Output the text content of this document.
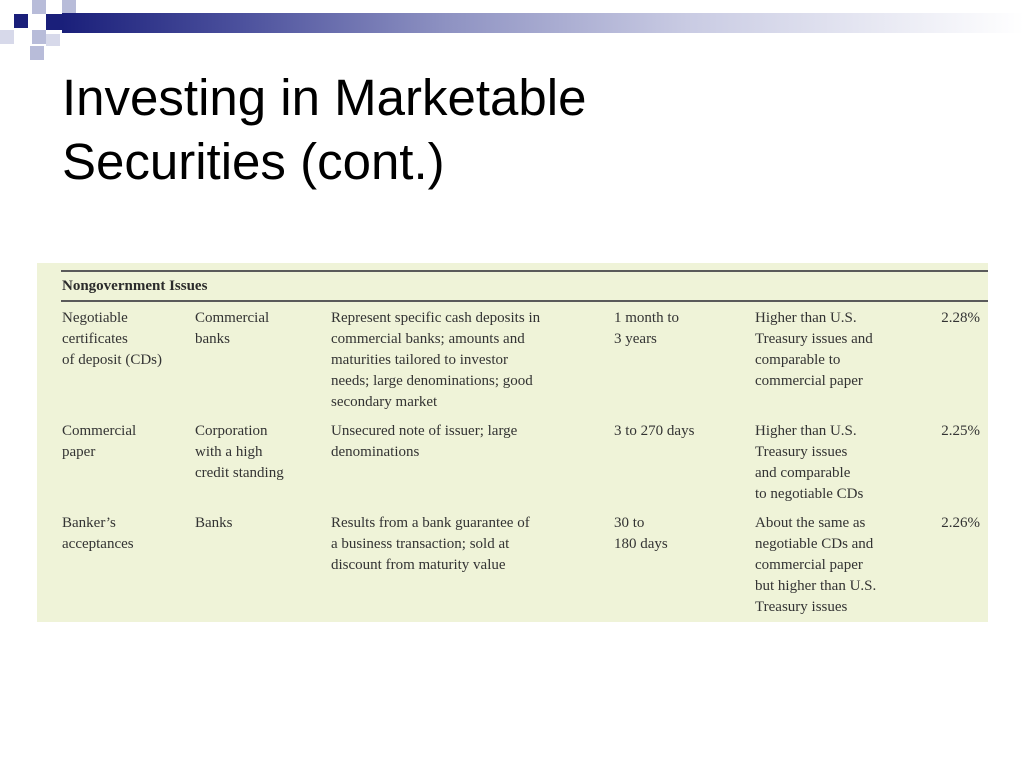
Investing in Marketable
Securities (cont.)
Nongovernment Issues
Negotiable
certificates
of deposit (CDs)
Commercial
banks
Represent specific cash deposits in
commercial banks; amounts and
maturities tailored to investor
needs; large denominations; good
secondary market
1 month to
3 years
Higher than U.S.
Treasury issues and
comparable to
commercial paper
2.28%
Commercial
paper
Corporation
with a high
credit standing
Unsecured note of issuer; large
denominations
3 to 270 days	Higher than U.S.
Treasury issues
and comparable
to negotiable CDs
2.25%
Banker’s
acceptances
Banks	Results from a bank guarantee of
a business transaction; sold at
discount from maturity value
30 to
180 days
About the same as
negotiable CDs and
commercial paper
but higher than U.S.
Treasury issues
2.26%
